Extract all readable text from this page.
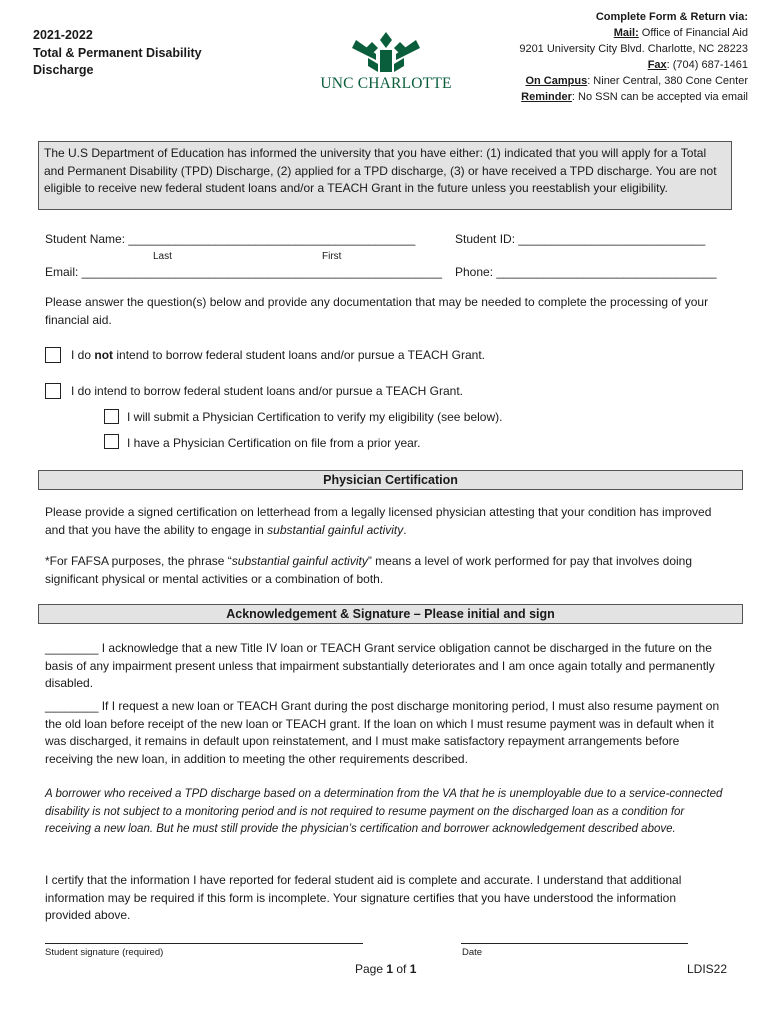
2021-2022
Total & Permanent Disability
Discharge
UNC CHARLOTTE
Complete Form & Return via:
Mail: Office of Financial Aid
9201 University City Blvd. Charlotte, NC 28223
Fax: (704) 687-1461
On Campus: Niner Central, 380 Cone Center
Reminder: No SSN can be accepted via email
The U.S Department of Education has informed the university that you have either: (1) indicated that you will apply for a Total and Permanent Disability (TPD) Discharge, (2) applied for a TPD discharge, (3) or have received a TPD discharge. You are not eligible to receive new federal student loans and/or a TEACH Grant in the future unless you reestablish your eligibility.
Student Name: ___________________________________________	Student ID: ____________________________
Last	First
Email: ______________________________________________________ Phone: _________________________________
Please answer the question(s) below and provide any documentation that may be needed to complete the processing of your financial aid.
I do not intend to borrow federal student loans and/or pursue a TEACH Grant.
I do intend to borrow federal student loans and/or pursue a TEACH Grant.
I will submit a Physician Certification to verify my eligibility (see below).
I have a Physician Certification on file from a prior year.
Physician Certification
Please provide a signed certification on letterhead from a legally licensed physician attesting that your condition has improved and that you have the ability to engage in substantial gainful activity.
*For FAFSA purposes, the phrase “substantial gainful activity” means a level of work performed for pay that involves doing significant physical or mental activities or a combination of both.
Acknowledgement & Signature – Please initial and sign
________ I acknowledge that a new Title IV loan or TEACH Grant service obligation cannot be discharged in the future on the basis of any impairment present unless that impairment substantially deteriorates and I am once again totally and permanently disabled.
________ If I request a new loan or TEACH Grant during the post discharge monitoring period, I must also resume payment on the old loan before receipt of the new loan or TEACH grant. If the loan on which I must resume payment was in default when it was discharged, it remains in default upon reinstatement, and I must make satisfactory repayment arrangements before receiving the new loan, in addition to meeting the other requirements described.
A borrower who received a TPD discharge based on a determination from the VA that he is unemployable due to a service-connected disability is not subject to a monitoring period and is not required to resume payment on the discharged loan as a condition for receiving a new loan. But he must still provide the physician’s certification and borrower acknowledgement described above.
I certify that the information I have reported for federal student aid is complete and accurate. I understand that additional information may be required if this form is incomplete. Your signature certifies that you have understood the information provided above.
Student signature (required)	Date
Page 1 of 1	LDIS22
